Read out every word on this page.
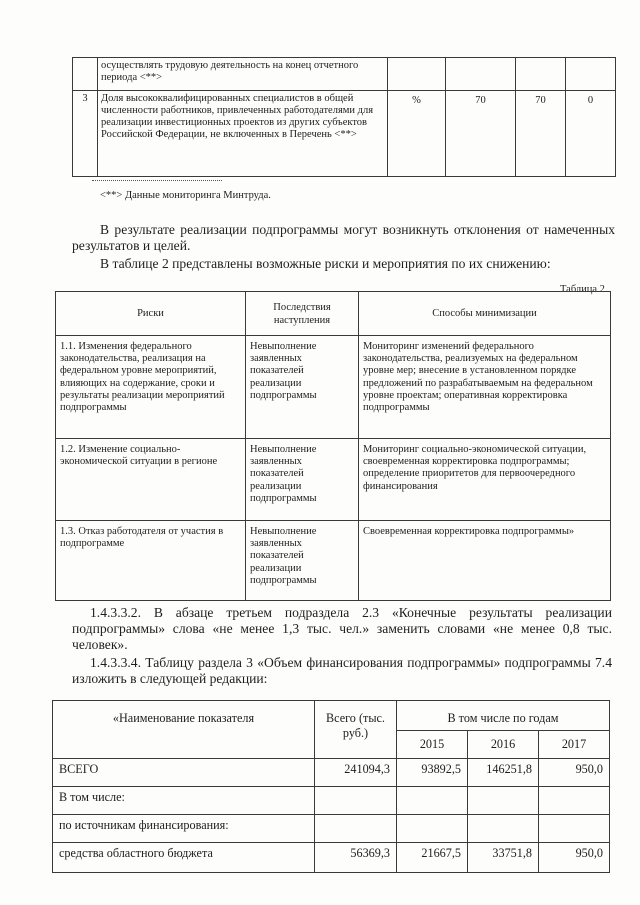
	осуществлять трудовую деятельность на конец отчетного периода <**>				
3	Доля высококвалифицированных специалистов в общей численности работников, привлеченных работодателями для реализации инвестиционных проектов из других субъектов Российской Федерации, не включенных в Перечень <**>	%	70	70	0
<**> Данные мониторинга Минтруда.
В результате реализации подпрограммы могут возникнуть отклонения от намеченных результатов и целей.
В таблице 2 представлены возможные риски и мероприятия по их снижению:
Таблица 2
Риски	Последствия наступления	Способы минимизации
1.1. Изменения федерального законодательства, реализация на федеральном уровне мероприятий, влияющих на содержание, сроки и результаты реализации мероприятий подпрограммы	Невыполнение заявленных показателей реализации подпрограммы	Мониторинг изменений федерального законодательства, реализуемых на федеральном уровне мер; внесение в установленном порядке предложений по разрабатываемым на федеральном уровне проектам; оперативная корректировка подпрограммы
1.2. Изменение социально-экономической ситуации в регионе	Невыполнение заявленных показателей реализации подпрограммы	Мониторинг социально-экономической ситуации, своевременная корректировка подпрограммы; определение приоритетов для первоочередного финансирования
1.3. Отказ работодателя от участия в подпрограмме	Невыполнение заявленных показателей реализации подпрограммы	Своевременная корректировка подпрограммы»
1.4.3.3.2. В абзаце третьем подраздела 2.3 «Конечные результаты реализации подпрограммы» слова «не менее 1,3 тыс. чел.» заменить словами «не менее 0,8 тыс. человек».
1.4.3.3.4. Таблицу раздела 3 «Объем финансирования подпрограммы» подпрограммы 7.4 изложить в следующей редакции:
«Наименование показателя	Всего (тыс. руб.)	В том числе по годам		
		2015	2016	2017
ВСЕГО	241094,3	93892,5	146251,8	950,0
В том числе:				
по источникам финансирования:				
средства областного бюджета	56369,3	21667,5	33751,8	950,0
